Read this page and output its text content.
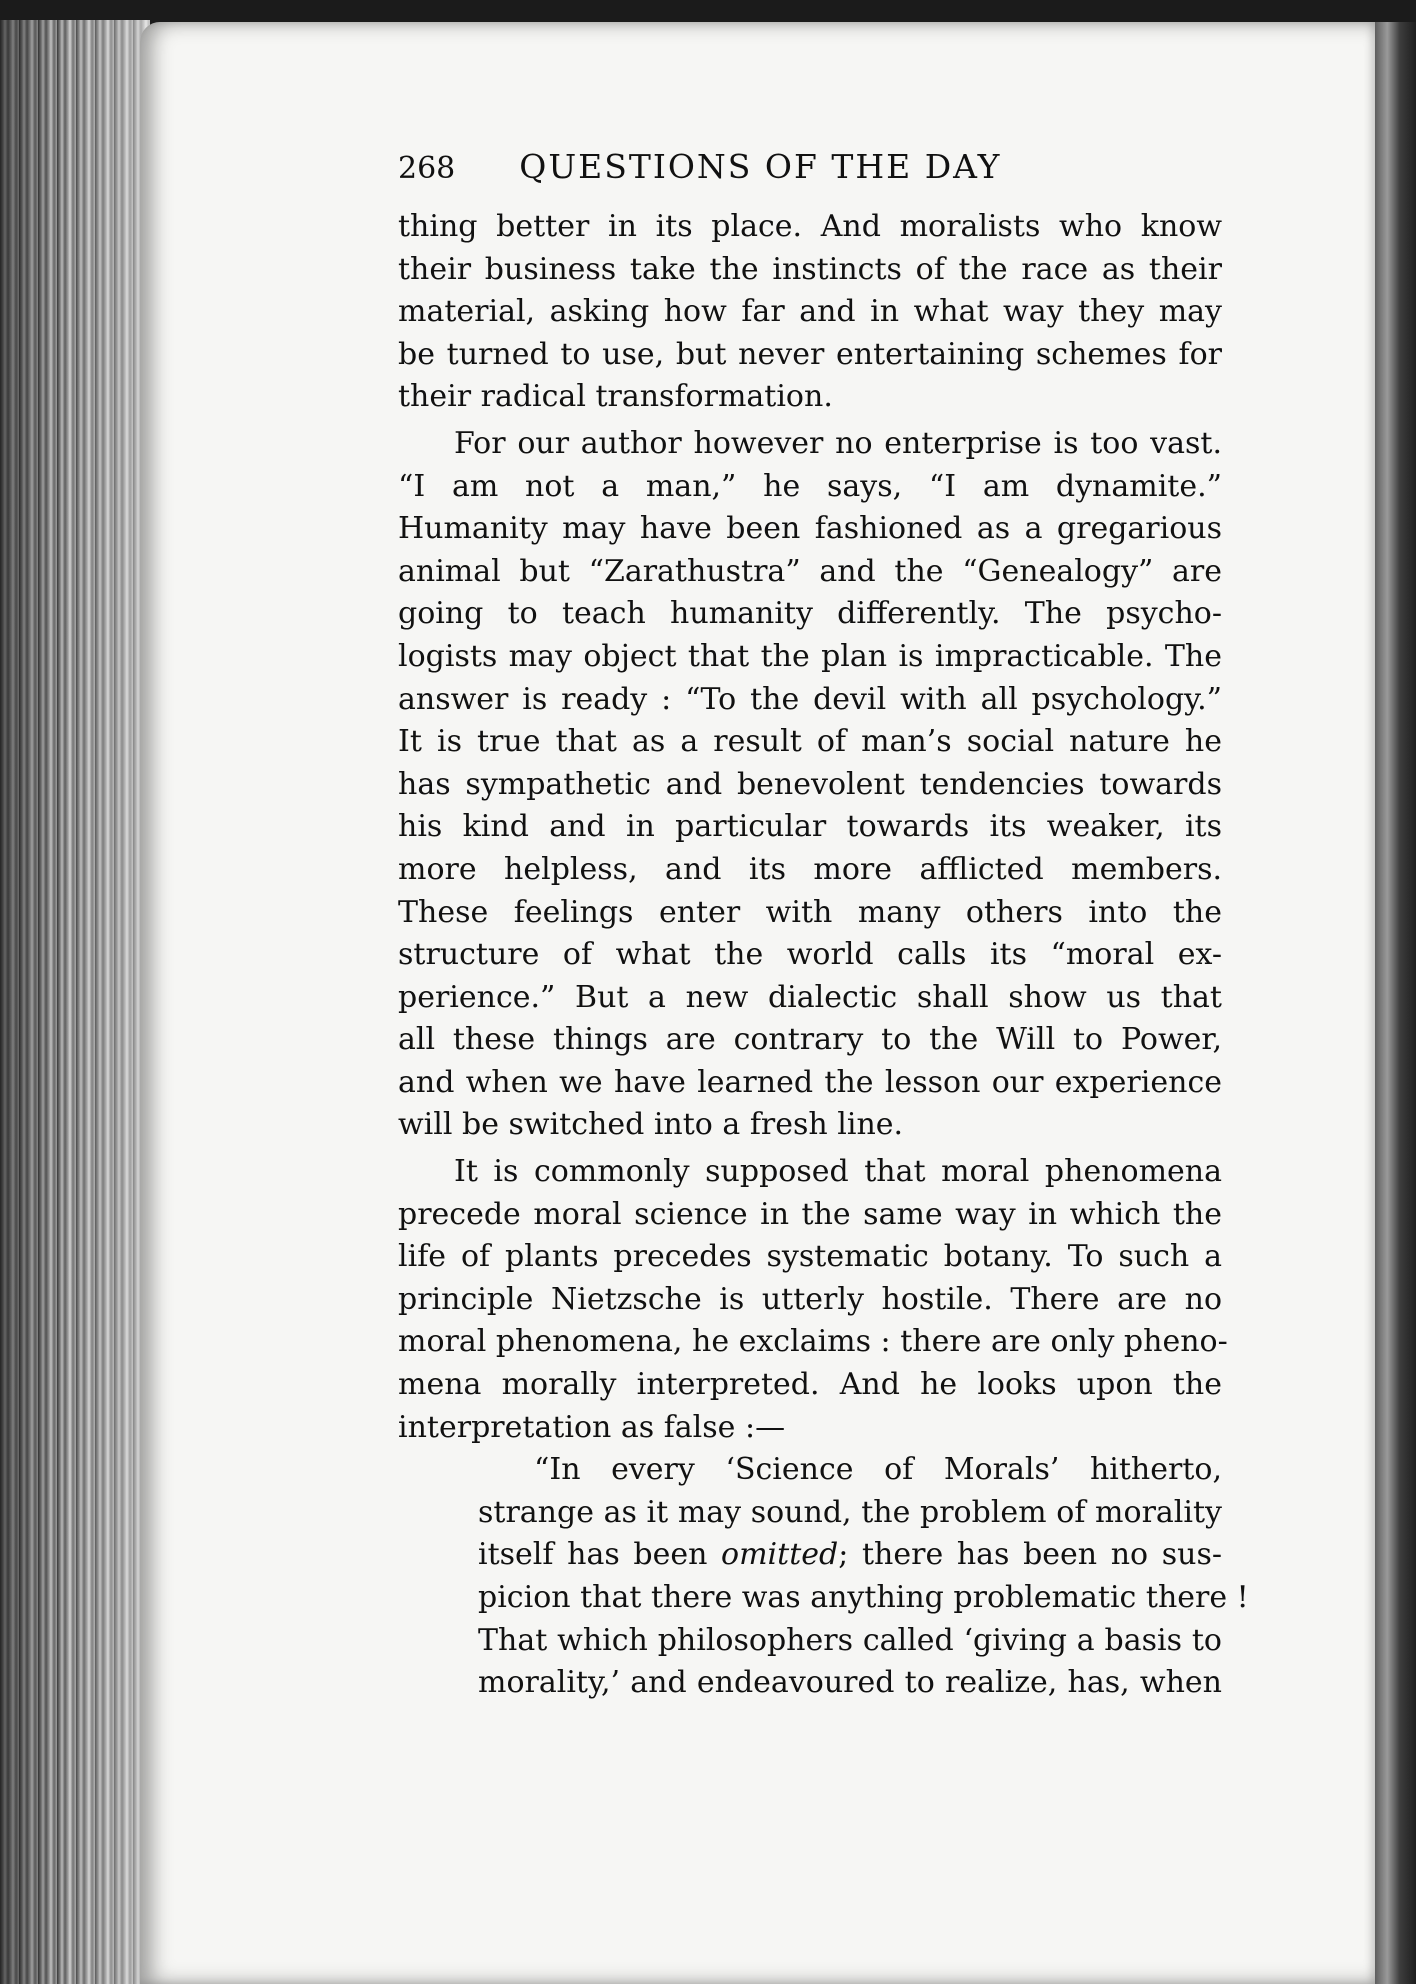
268 QUESTIONS OF THE DAY
thing better in its place. And moralists who know
their business take the instincts of the race as their
material, asking how far and in what way they may
be turned to use, but never entertaining schemes for
their radical transformation.
For our author however no enterprise is too vast.
“I am not a man,” he says, “I am dynamite.”
Humanity may have been fashioned as a gregarious
animal but “Zarathustra” and the “Genealogy” are
going to teach humanity differently. The psycho-
logists may object that the plan is impracticable. The
answer is ready : “To the devil with all psychology.”
It is true that as a result of man’s social nature he
has sympathetic and benevolent tendencies towards
his kind and in particular towards its weaker, its
more helpless, and its more afflicted members.
These feelings enter with many others into the
structure of what the world calls its “moral ex-
perience.” But a new dialectic shall show us that
all these things are contrary to the Will to Power,
and when we have learned the lesson our experience
will be switched into a fresh line.
It is commonly supposed that moral phenomena
precede moral science in the same way in which the
life of plants precedes systematic botany. To such a
principle Nietzsche is utterly hostile. There are no
moral phenomena, he exclaims : there are only pheno-
mena morally interpreted. And he looks upon the
interpretation as false :—
“In every ‘Science of Morals’ hitherto,
strange as it may sound, the problem of morality
itself has been omitted; there has been no sus-
picion that there was anything problematic there !
That which philosophers called ‘giving a basis to
morality,’ and endeavoured to realize, has, when
